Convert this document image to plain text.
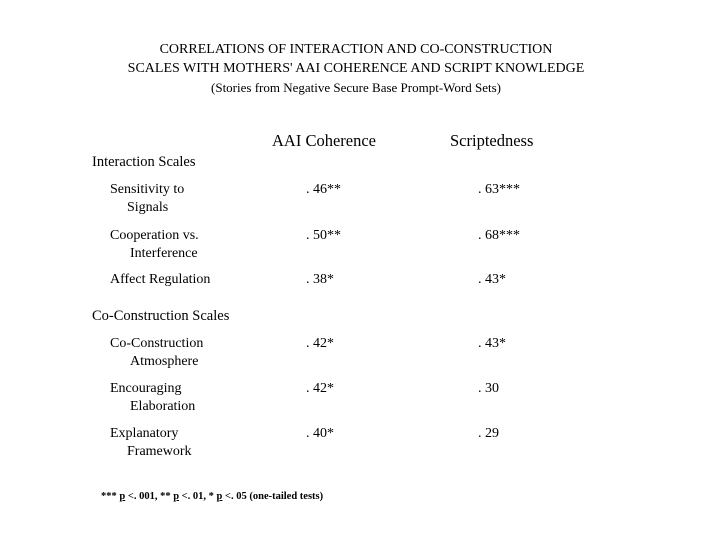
CORRELATIONS OF INTERACTION AND CO-CONSTRUCTION
SCALES WITH MOTHERS' AAI COHERENCE AND SCRIPT KNOWLEDGE
(Stories from Negative Secure Base Prompt-Word Sets)
AAI Coherence	Scriptedness
Interaction Scales
Sensitivity to
Signals
. 46**	. 63***
Cooperation vs.
Interference
. 50**	. 68***
Affect Regulation	. 38*	. 43*
Co-Construction Scales
Co-Construction
Atmosphere
. 42*	. 43*
Encouraging
Elaboration
. 42*	. 30
Explanatory
Framework
. 40*	. 29
*** p <. 001, ** p <. 01, * p <. 05 (one-tailed tests)
